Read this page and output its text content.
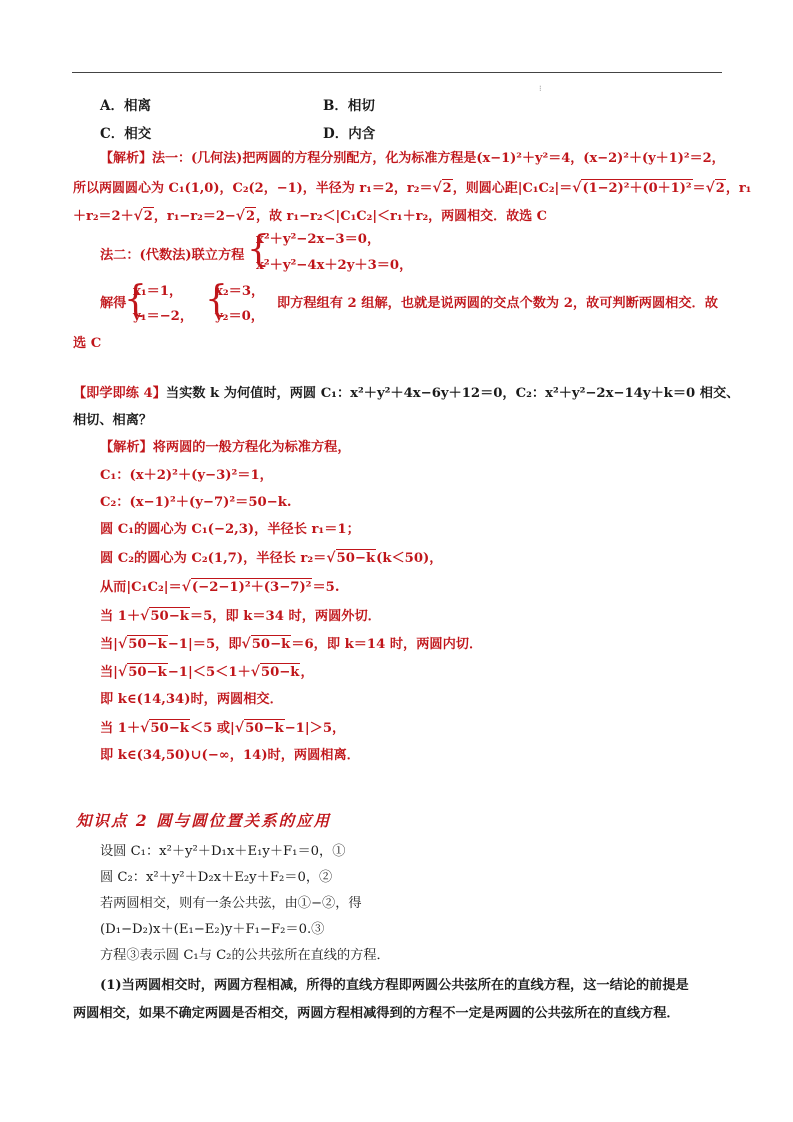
⁝
A．相离	B．相切
C．相交	D．内含
【解析】法一：(几何法)把两圆的方程分别配方，化为标准方程是(x−1)²＋y²＝4，(x−2)²＋(y＋1)²＝2，
所以两圆圆心为 C₁(1,0)，C₂(2，−1)，半径为 r₁＝2，r₂＝√2，则圆心距|C₁C₂|＝√(1−2)²＋(0＋1)²＝√2，r₁
＋r₂＝2＋√2，r₁−r₂＝2−√2，故 r₁−r₂＜|C₁C₂|＜r₁＋r₂，两圆相交．故选 C
法二：(代数法)联立方程 {
x²＋y²−2x−3＝0，
x²＋y²−4x＋2y＋3＝0，
解得
{
x₁＝1，
y₁＝−2， {
x₂＝3，
y₂＝0，
即方程组有 2 组解，也就是说两圆的交点个数为 2，故可判断两圆相交．故
选 C
【即学即练 4】当实数 k 为何值时，两圆 C₁：x²＋y²＋4x−6y＋12＝0，C₂：x²＋y²−2x−14y＋k＝0 相交、
相切、相离？
【解析】将两圆的一般方程化为标准方程，
C₁：(x＋2)²＋(y−3)²＝1，
C₂：(x−1)²＋(y−7)²＝50−k.
圆 C₁的圆心为 C₁(−2,3)，半径长 r₁＝1；
圆 C₂的圆心为 C₂(1,7)，半径长 r₂＝√50−k(k＜50)，
从而|C₁C₂|＝√(−2−1)²＋(3−7)²＝5.
当 1＋√50−k＝5，即 k＝34 时，两圆外切．
当|√50−k−1|＝5，即√50−k＝6，即 k＝14 时，两圆内切．
当|√50−k−1|＜5＜1＋√50−k，
即 k∈(14,34)时，两圆相交．
当 1＋√50−k＜5 或|√50−k−1|＞5，
即 k∈(34,50)∪(−∞，14)时，两圆相离．
知识点 2 圆与圆位置关系的应用
设圆 C₁：x²＋y²＋D₁x＋E₁y＋F₁＝0，①
圆 C₂：x²＋y²＋D₂x＋E₂y＋F₂＝0，②
若两圆相交，则有一条公共弦，由①−②，得
(D₁−D₂)x＋(E₁−E₂)y＋F₁−F₂＝0.③
方程③表示圆 C₁与 C₂的公共弦所在直线的方程．
(1)当两圆相交时，两圆方程相减，所得的直线方程即两圆公共弦所在的直线方程，这一结论的前提是
两圆相交，如果不确定两圆是否相交，两圆方程相减得到的方程不一定是两圆的公共弦所在的直线方程．
